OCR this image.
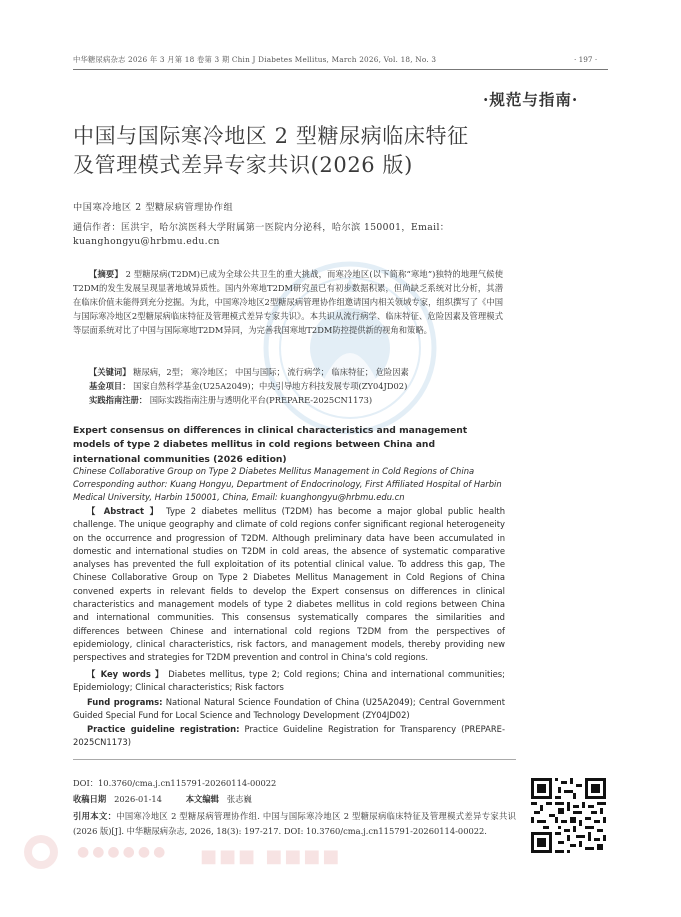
中华糖尿病杂志 2026 年 3 月第 18 卷第 3 期 Chin J Diabetes Mellitus, March 2026, Vol. 18, No. 3	· 197 ·
·规范与指南·
中国与国际寒冷地区 2 型糖尿病临床特征
及管理模式差异专家共识(2026 版)
中国寒冷地区 2 型糖尿病管理协作组
通信作者：匡洪宇，哈尔滨医科大学附属第一医院内分泌科，哈尔滨 150001，Email：
kuanghongyu@hrbmu.edu.cn
【摘要】 2 型糖尿病(T2DM)已成为全球公共卫生的重大挑战，而寒冷地区(以下简称“寒地”)独特的地理气候使T2DM的发生发展呈现显著地域异质性。国内外寒地T2DM研究虽已有初步数据积累，但尚缺乏系统对比分析，其潜在临床价值未能得到充分挖掘。为此，中国寒冷地区2型糖尿病管理协作组邀请国内相关领域专家，组织撰写了《中国与国际寒冷地区2型糖尿病临床特征及管理模式差异专家共识》。本共识从流行病学、临床特征、危险因素及管理模式等层面系统对比了中国与国际寒地T2DM异同，为完善我国寒地T2DM防控提供新的视角和策略。
【关键词】 糖尿病，2型； 寒冷地区； 中国与国际； 流行病学； 临床特征； 危险因素
基金项目： 国家自然科学基金(U25A2049)；中央引导地方科技发展专项(ZY04JD02)
实践指南注册： 国际实践指南注册与透明化平台(PREPARE-2025CN1173)
Expert consensus on differences in clinical characteristics and management models of type 2 diabetes mellitus in cold regions between China and international communities (2026 edition)
Chinese Collaborative Group on Type 2 Diabetes Mellitus Management in Cold Regions of China
Corresponding author: Kuang Hongyu, Department of Endocrinology, First Affiliated Hospital of Harbin Medical University, Harbin 150001, China, Email: kuanghongyu@hrbmu.edu.cn
【 Abstract 】 Type 2 diabetes mellitus (T2DM) has become a major global public health challenge. The unique geography and climate of cold regions confer significant regional heterogeneity on the occurrence and progression of T2DM. Although preliminary data have been accumulated in domestic and international studies on T2DM in cold areas, the absence of systematic comparative analyses has prevented the full exploitation of its potential clinical value. To address this gap, The Chinese Collaborative Group on Type 2 Diabetes Mellitus Management in Cold Regions of China convened experts in relevant fields to develop the Expert consensus on differences in clinical characteristics and management models of type 2 diabetes mellitus in cold regions between China and international communities. This consensus systematically compares the similarities and differences between Chinese and international cold regions T2DM from the perspectives of epidemiology, clinical characteristics, risk factors, and management models, thereby providing new perspectives and strategies for T2DM prevention and control in China's cold regions.
【 Key words 】 Diabetes mellitus, type 2; Cold regions; China and international communities; Epidemiology; Clinical characteristics; Risk factors
Fund programs: National Natural Science Foundation of China (U25A2049); Central Government Guided Special Fund for Local Science and Technology Development (ZY04JD02)
Practice guideline registration: Practice Guideline Registration for Transparency (PREPARE-2025CN1173)
DOI：10.3760/cma.j.cn115791-20260114-00022
收稿日期 2026-01-14	本文编辑 张志巍
引用本文：中国寒冷地区 2 型糖尿病管理协作组. 中国与国际寒冷地区 2 型糖尿病临床特征及管理模式差异专家共识(2026 版)[J]. 中华糖尿病杂志, 2026, 18(3): 197-217. DOI: 10.3760/cma.j.cn115791-20260114-00022.
●●●●●● ■■■ ■■■■
